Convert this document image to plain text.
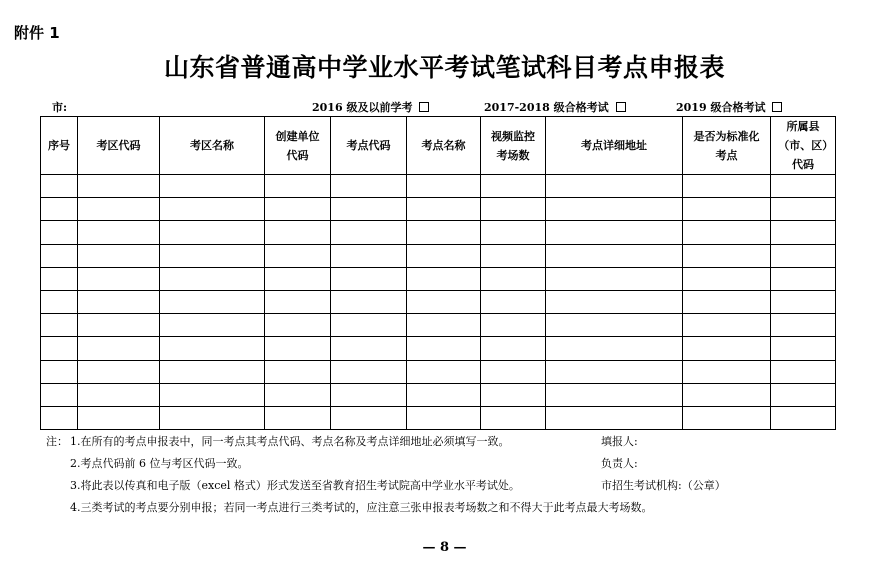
附件 1
山东省普通高中学业水平考试笔试科目考点申报表
市:	2016 级及以前学考	2017-2018 级合格考试	2019 级合格考试
序号	考区代码	考区名称	创建单位代码	考点代码	考点名称	视频监控考场数	考点详细地址	是否为标准化考点	所属县（市、区）代码

注： 1.在所有的考点申报表中，同一考点其考点代码、考点名称及考点详细地址必须填写一致。
2.考点代码前 6 位与考区代码一致。
3.将此表以传真和电子版（excel 格式）形式发送至省教育招生考试院高中学业水平考试处。
4.三类考试的考点要分别申报；若同一考点进行三类考试的，应注意三张申报表考场数之和不得大于此考点最大考场数。
填报人:
负责人:
市招生考试机构:（公章）
— 8 —
